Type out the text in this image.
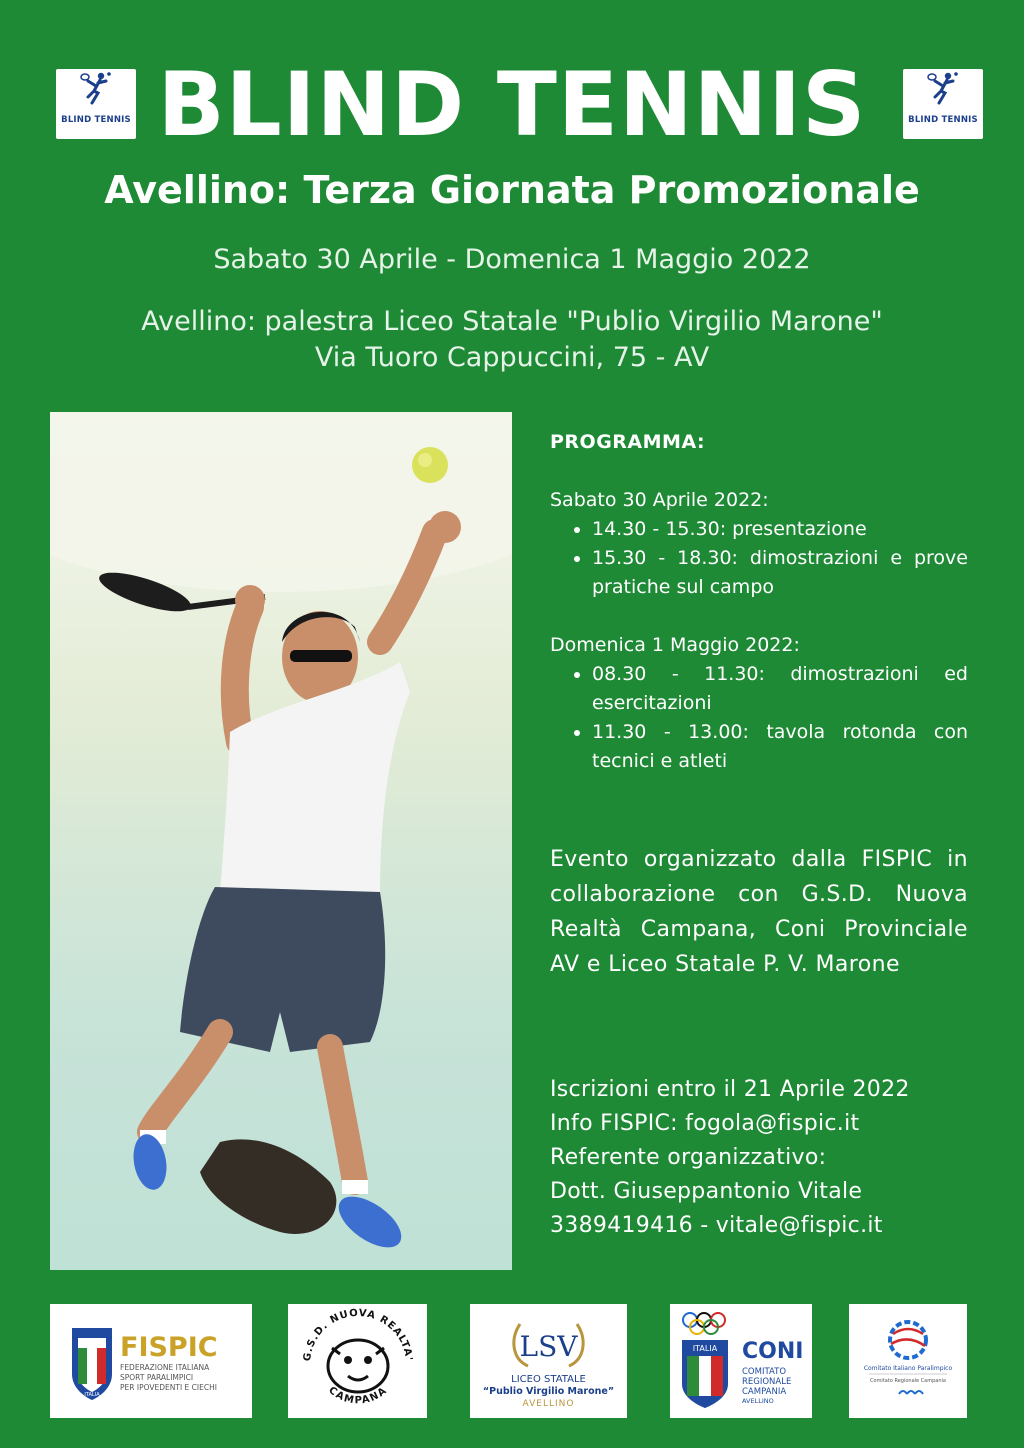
BLIND TENNIS	BLIND TENNIS
BLIND TENNIS
Avellino: Terza Giornata Promozionale
Sabato 30 Aprile - Domenica 1 Maggio 2022
Avellino: palestra Liceo Statale "Publio Virgilio Marone"
Via Tuoro Cappuccini, 75 - AV
PROGRAMMA:
Sabato 30 Aprile 2022:
• 14.30 - 15.30: presentazione
• 15.30 - 18.30: dimostrazioni e prove pratiche sul campo
Domenica 1 Maggio 2022:
• 08.30 - 11.30: dimostrazioni ed esercitazioni
• 11.30 - 13.00: tavola rotonda con tecnici e atleti
Evento organizzato dalla FISPIC in collaborazione con G.S.D. Nuova Realtà Campana, Coni Provinciale AV e Liceo Statale P. V. Marone
Iscrizioni entro il 21 Aprile 2022
Info FISPIC: fogola@fispic.it
Referente organizzativo:
Dott. Giuseppantonio Vitale
3389419416 - vitale@fispic.it
ITALIA
FISPIC
FEDERAZIONE ITALIANA
SPORT PARALIMPICI
PER IPOVEDENTI E CIECHI
G.S.D. NUOVA REALTA'
CAMPANA
LSV
LICEO STATALE
“Publio Virgilio Marone”
AVELLINO
ITALIA CONI
COMITATO
REGIONALE
CAMPANIA
AVELLINO
Comitato Italiano Paralimpico
Comitato Regionale Campania
